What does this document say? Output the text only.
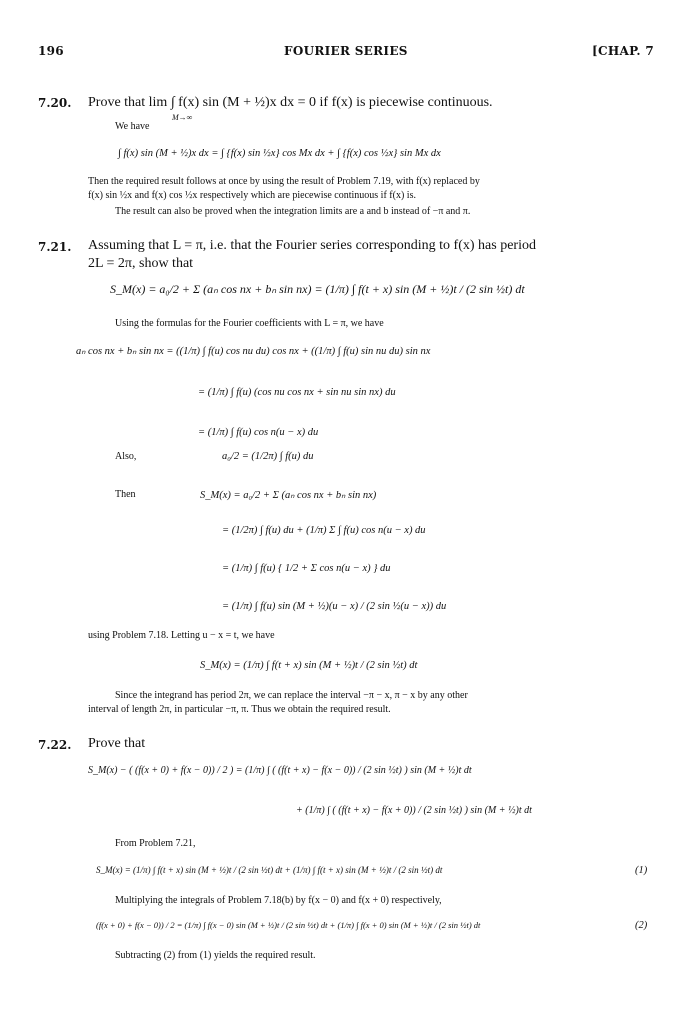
196	FOURIER SERIES	[CHAP. 7
7.20. Prove that lim ∫ f(x) sin (M + ½)x dx = 0 if f(x) is piecewise continuous.
M→∞
We have
∫ f(x) sin (M + ½)x dx = ∫ {f(x) sin ½x} cos Mx dx + ∫ {f(x) cos ½x} sin Mx dx
Then the required result follows at once by using the result of Problem 7.19, with f(x) replaced by
f(x) sin ½x and f(x) cos ½x respectively which are piecewise continuous if f(x) is.
The result can also be proved when the integration limits are a and b instead of −π and π.
7.21. Assuming that L = π, i.e. that the Fourier series corresponding to f(x) has period
2L = 2π, show that
S_M(x) = a₀/2 + Σ (aₙ cos nx + bₙ sin nx) = (1/π) ∫ f(t + x) sin (M + ½)t / (2 sin ½t) dt
Using the formulas for the Fourier coefficients with L = π, we have
aₙ cos nx + bₙ sin nx = ((1/π) ∫ f(u) cos nu du) cos nx + ((1/π) ∫ f(u) sin nu du) sin nx
= (1/π) ∫ f(u) (cos nu cos nx + sin nu sin nx) du
= (1/π) ∫ f(u) cos n(u − x) du
Also,	a₀/2 = (1/2π) ∫ f(u) du
Then	S_M(x) = a₀/2 + Σ (aₙ cos nx + bₙ sin nx)
= (1/2π) ∫ f(u) du + (1/π) Σ ∫ f(u) cos n(u − x) du
= (1/π) ∫ f(u) { 1/2 + Σ cos n(u − x) } du
= (1/π) ∫ f(u) sin (M + ½)(u − x) / (2 sin ½(u − x)) du
using Problem 7.18. Letting u − x = t, we have
S_M(x) = (1/π) ∫ f(t + x) sin (M + ½)t / (2 sin ½t) dt
Since the integrand has period 2π, we can replace the interval −π − x, π − x by any other
interval of length 2π, in particular −π, π. Thus we obtain the required result.
7.22. Prove that
S_M(x) − ( (f(x + 0) + f(x − 0)) / 2 ) = (1/π) ∫ ( (f(t + x) − f(x − 0)) / (2 sin ½t) ) sin (M + ½)t dt
+ (1/π) ∫ ( (f(t + x) − f(x + 0)) / (2 sin ½t) ) sin (M + ½)t dt
From Problem 7.21,
S_M(x) = (1/π) ∫ f(t + x) sin (M + ½)t / (2 sin ½t) dt + (1/π) ∫ f(t + x) sin (M + ½)t / (2 sin ½t) dt	(1)
Multiplying the integrals of Problem 7.18(b) by f(x − 0) and f(x + 0) respectively,
(f(x + 0) + f(x − 0)) / 2 = (1/π) ∫ f(x − 0) sin (M + ½)t / (2 sin ½t) dt + (1/π) ∫ f(x + 0) sin (M + ½)t / (2 sin ½t) dt	(2)
Subtracting (2) from (1) yields the required result.
